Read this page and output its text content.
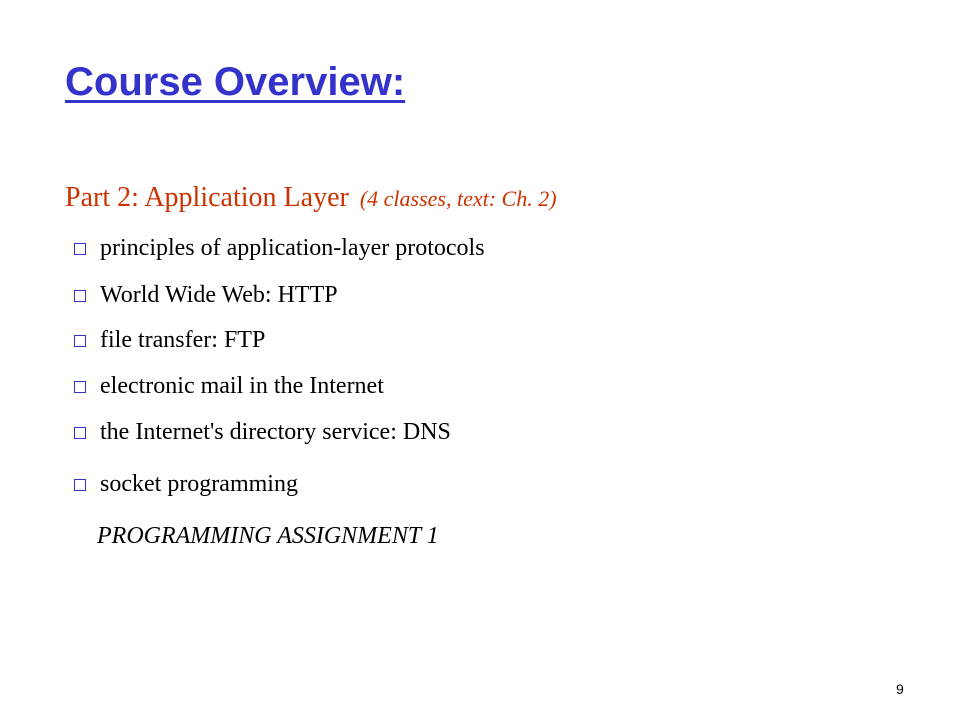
Course Overview:
Part 2: Application Layer (4 classes, text: Ch. 2)
principles of application-layer protocols
World Wide Web: HTTP
file transfer: FTP
electronic mail in the Internet
the Internet's directory service: DNS
socket programming
PROGRAMMING ASSIGNMENT 1
9
